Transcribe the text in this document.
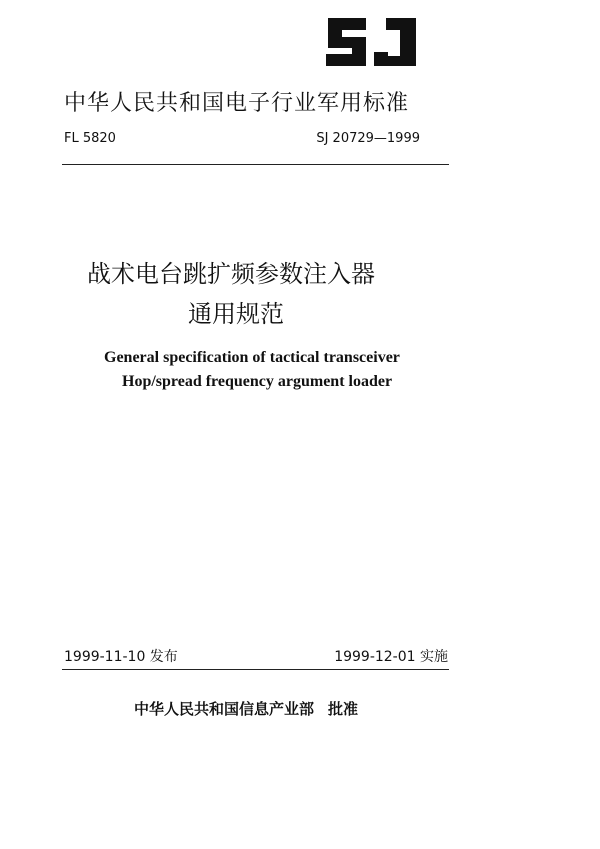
中华人民共和国电子行业军用标准
FL 5820	SJ 20729—1999
战术电台跳扩频参数注入器
通用规范
General specification of tactical transceiver
Hop/spread frequency argument loader
1999-11-10 发布	1999-12-01 实施
中华人民共和国信息产业部 批准
